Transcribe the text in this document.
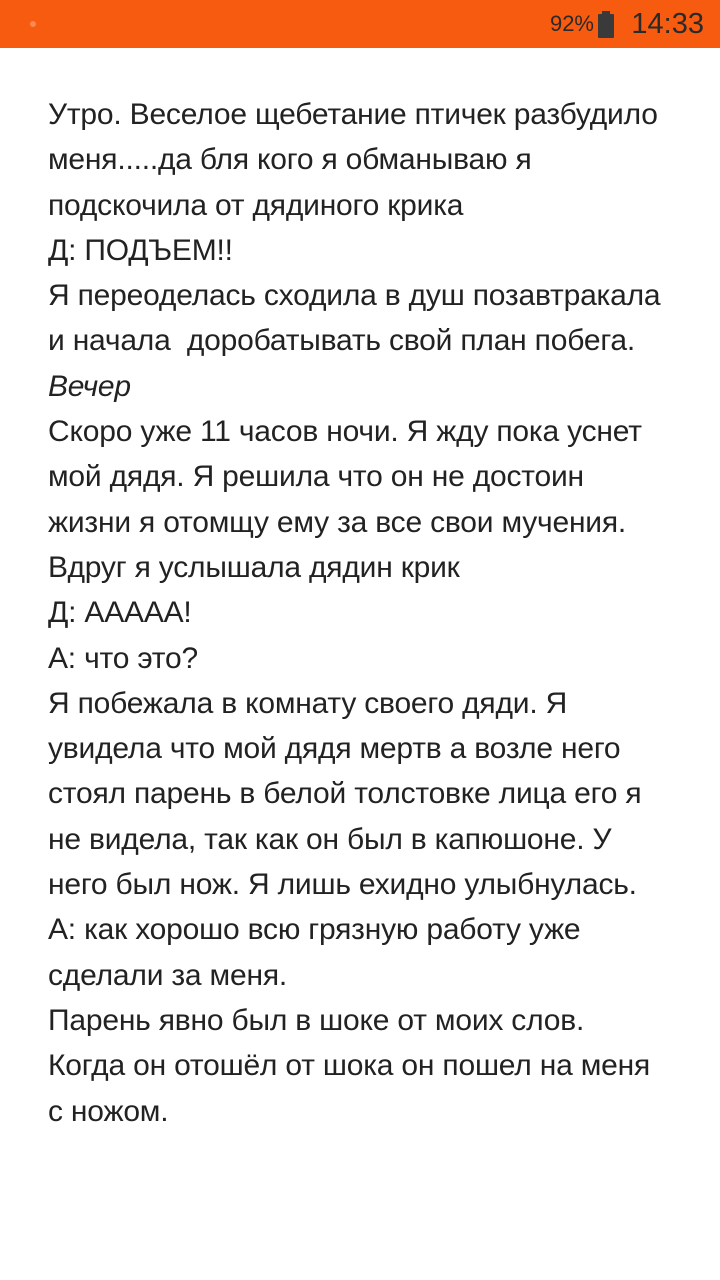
92% 14:33

Утро. Веселое щебетание птичек разбудило меня.....да бля кого я обманываю я подскочила от дядиного крика

Д: ПОДЪЕМ!!

Я переоделась сходила в душ позавтракала и начала  доробатывать свой план побега.

Вечер

Скоро уже 11 часов ночи. Я жду пока уснет мой дядя. Я решила что он не достоин жизни я отомщу ему за все свои мучения. Вдруг я услышала дядин крик

Д: ААААА!

А: что это?

Я побежала в комнату своего дяди. Я увидела что мой дядя мертв а возле него стоял парень в белой толстовке лица его я не видела, так как он был в капюшоне. У него был нож. Я лишь ехидно улыбнулась.

А: как хорошо всю грязную работу уже сделали за меня.

Парень явно был в шоке от моих слов. Когда он отошёл от шока он пошел на меня с ножом.
